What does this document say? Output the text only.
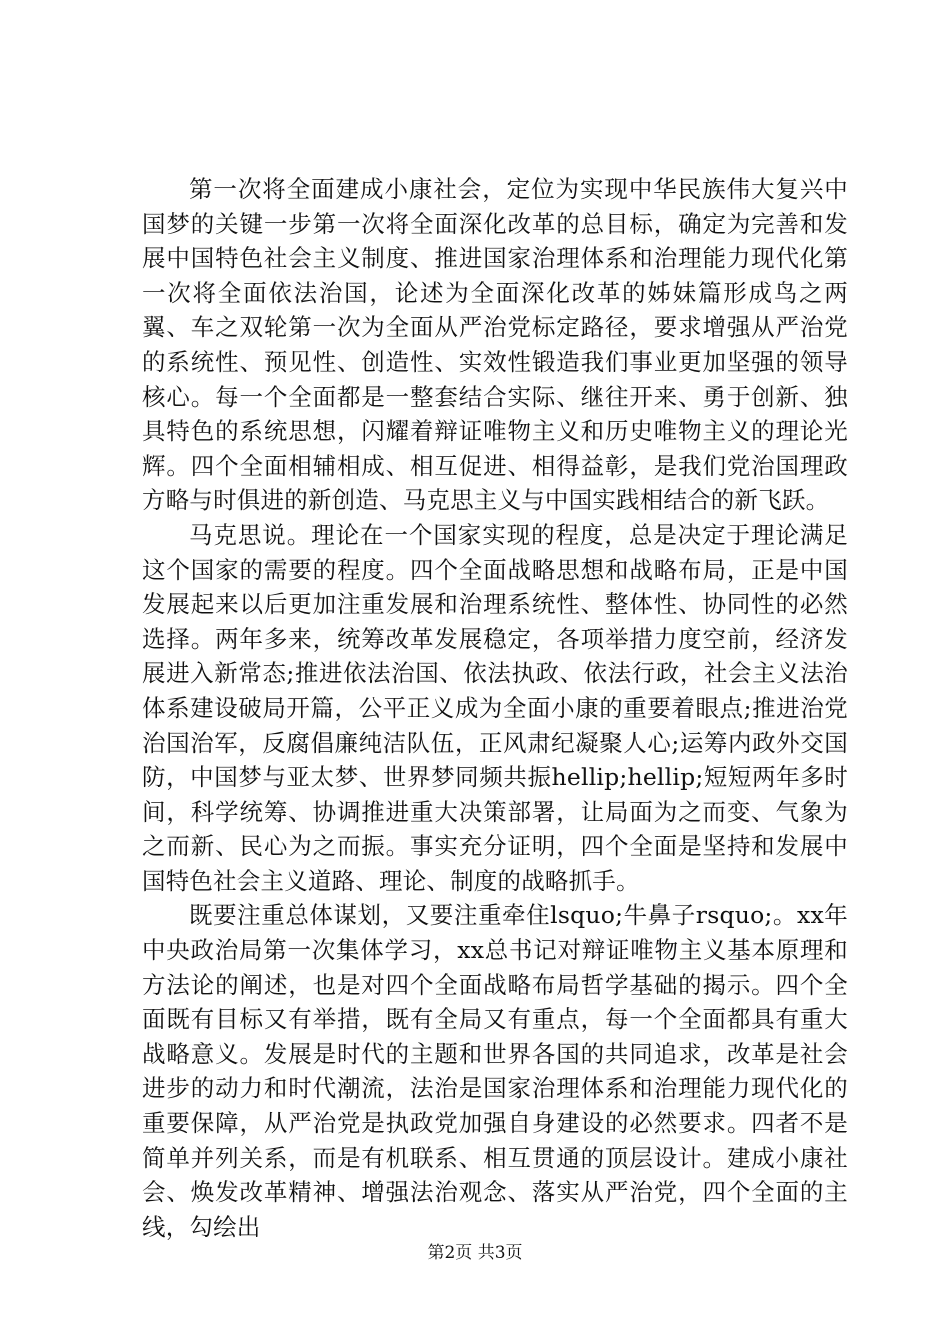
第一次将全面建成小康社会，定位为实现中华民族伟大复兴中国梦的关键一步第一次将全面深化改革的总目标，确定为完善和发展中国特色社会主义制度、推进国家治理体系和治理能力现代化第一次将全面依法治国，论述为全面深化改革的姊妹篇形成鸟之两翼、车之双轮第一次为全面从严治党标定路径，要求增强从严治党的系统性、预见性、创造性、实效性锻造我们事业更加坚强的领导核心。每一个全面都是一整套结合实际、继往开来、勇于创新、独具特色的系统思想，闪耀着辩证唯物主义和历史唯物主义的理论光辉。四个全面相辅相成、相互促进、相得益彰，是我们党治国理政方略与时俱进的新创造、马克思主义与中国实践相结合的新飞跃。

马克思说。理论在一个国家实现的程度，总是决定于理论满足这个国家的需要的程度。四个全面战略思想和战略布局，正是中国发展起来以后更加注重发展和治理系统性、整体性、协同性的必然选择。两年多来，统筹改革发展稳定，各项举措力度空前，经济发展进入新常态;推进依法治国、依法执政、依法行政，社会主义法治体系建设破局开篇，公平正义成为全面小康的重要着眼点;推进治党治国治军，反腐倡廉纯洁队伍，正风肃纪凝聚人心;运筹内政外交国防，中国梦与亚太梦、世界梦同频共振hellip;hellip;短短两年多时间，科学统筹、协调推进重大决策部署，让局面为之而变、气象为之而新、民心为之而振。事实充分证明，四个全面是坚持和发展中国特色社会主义道路、理论、制度的战略抓手。

既要注重总体谋划，又要注重牵住lsquo;牛鼻子rsquo;。xx年中央政治局第一次集体学习，xx总书记对辩证唯物主义基本原理和方法论的阐述，也是对四个全面战略布局哲学基础的揭示。四个全面既有目标又有举措，既有全局又有重点，每一个全面都具有重大战略意义。发展是时代的主题和世界各国的共同追求，改革是社会进步的动力和时代潮流，法治是国家治理体系和治理能力现代化的重要保障，从严治党是执政党加强自身建设的必然要求。四者不是简单并列关系，而是有机联系、相互贯通的顶层设计。建成小康社会、焕发改革精神、增强法治观念、落实从严治党，四个全面的主线，勾绘出

第2页 共3页
